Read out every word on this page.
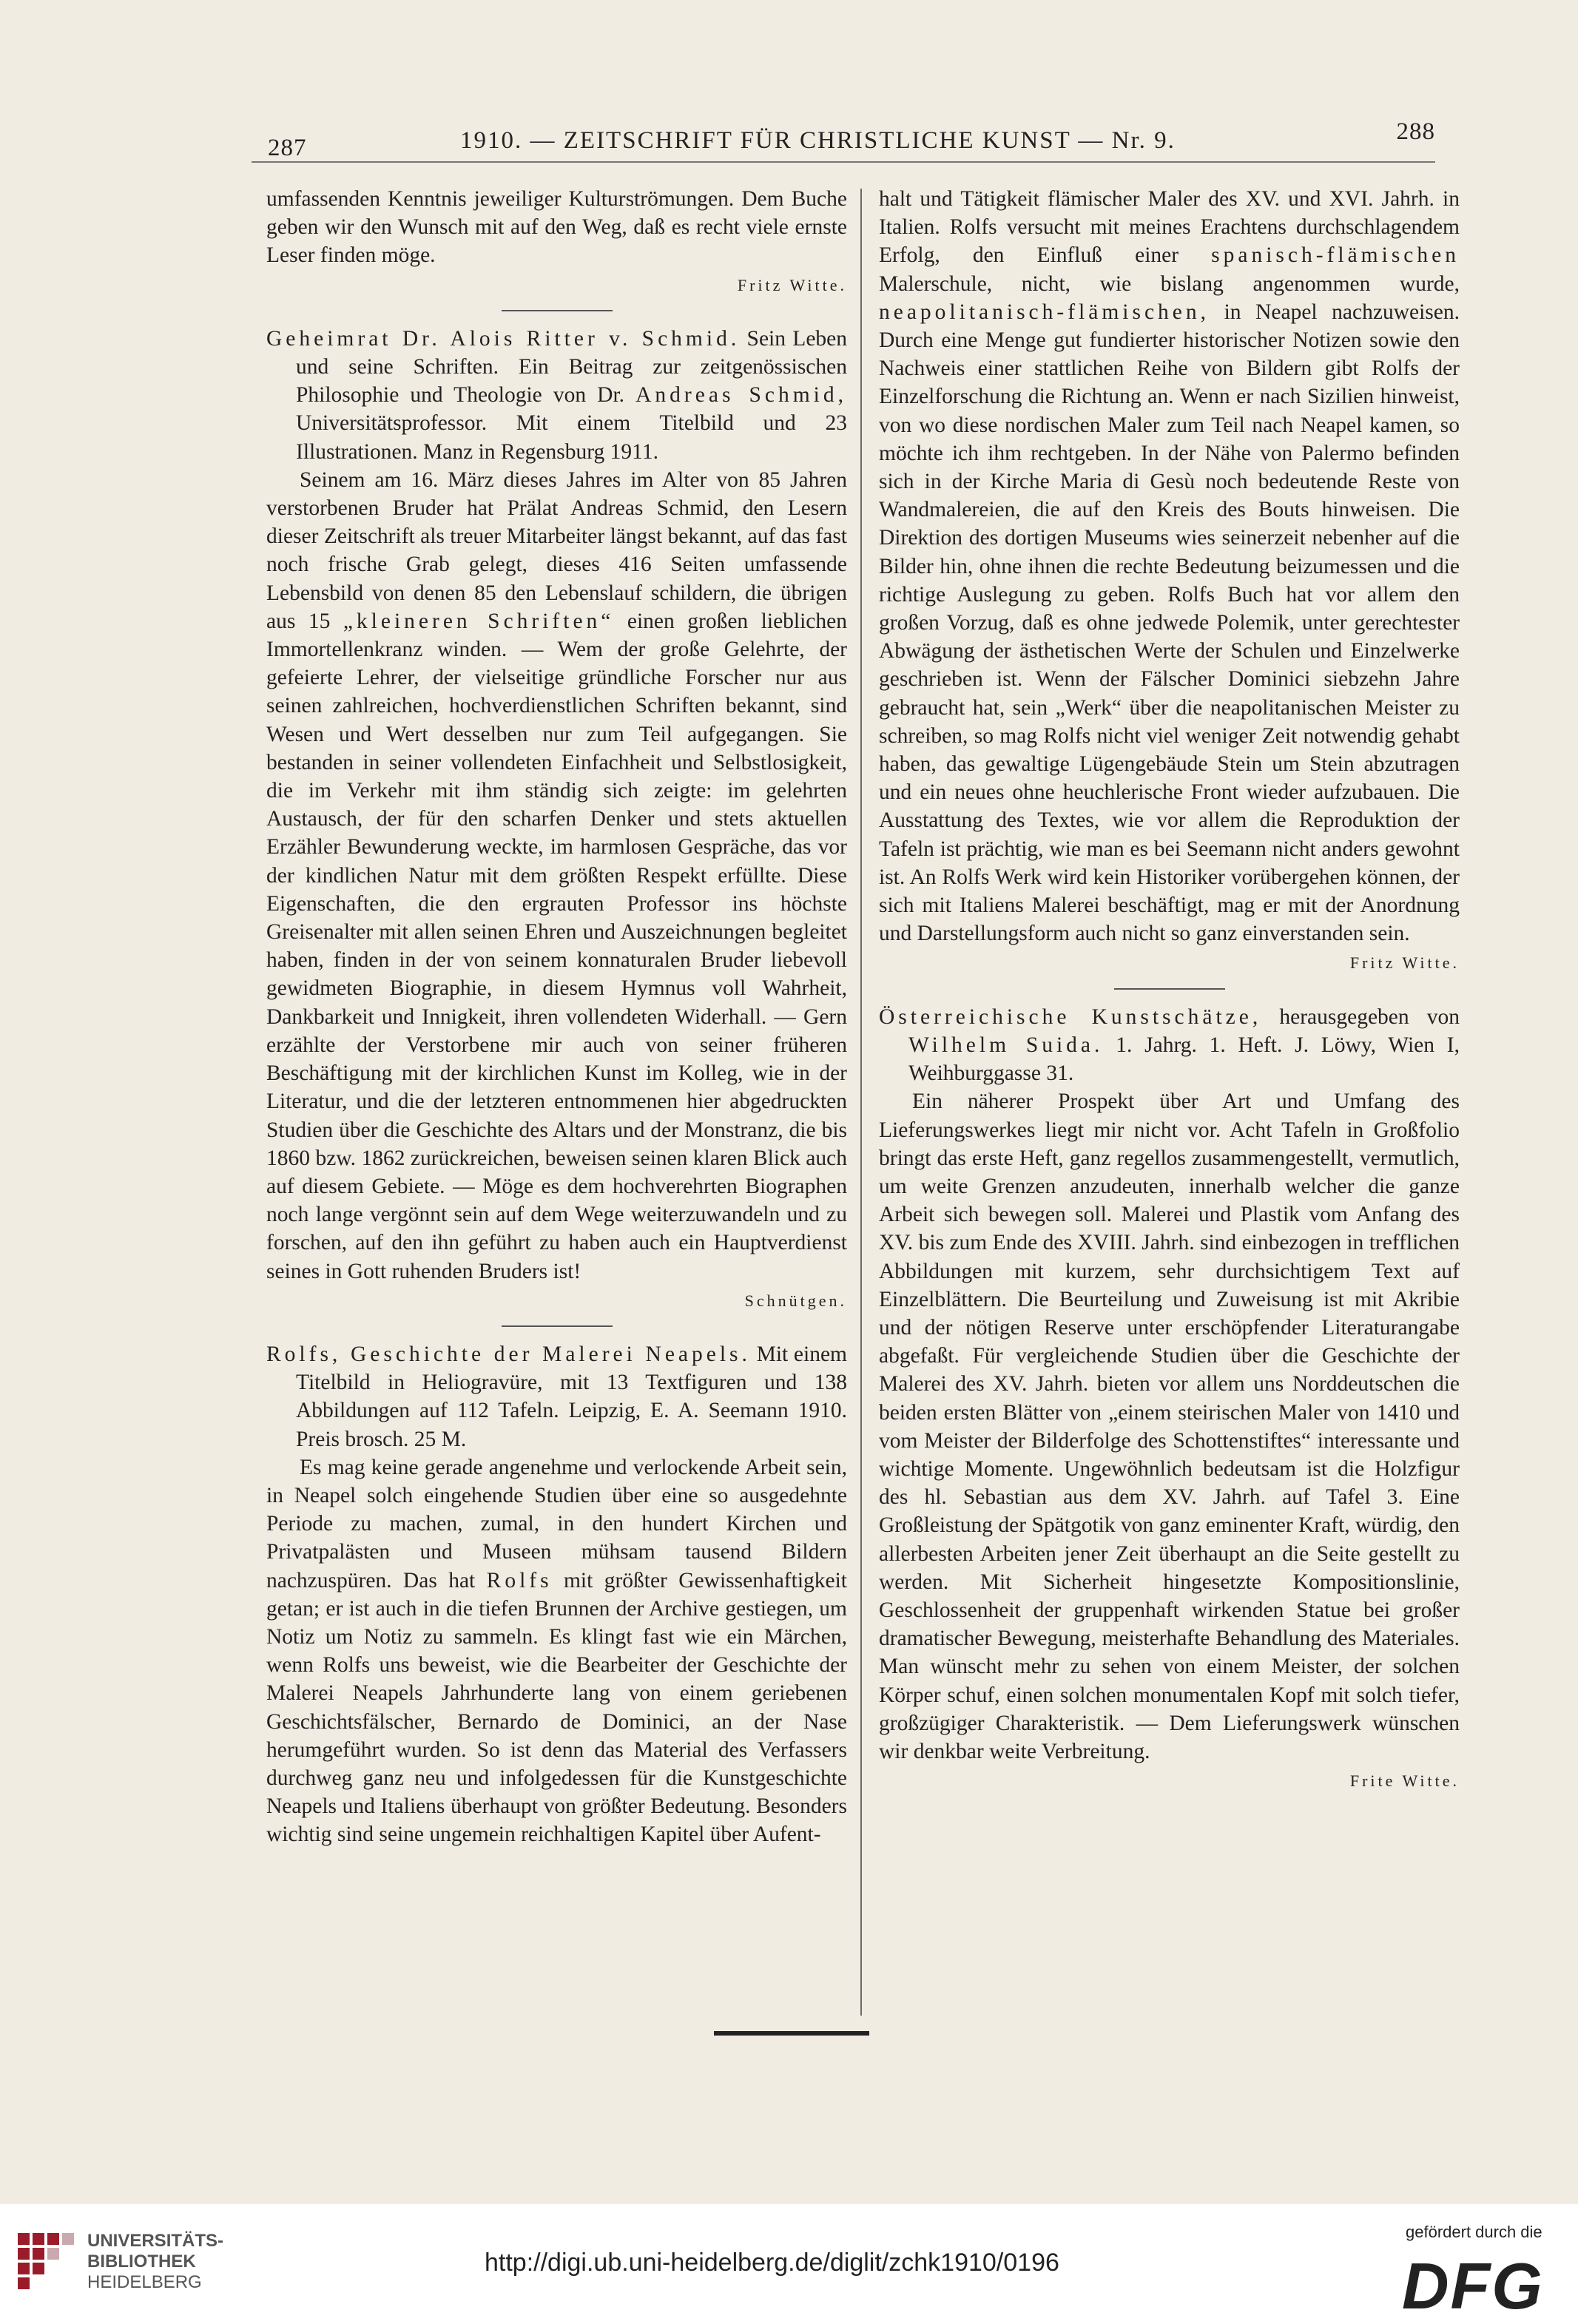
287	1910. — ZEITSCHRIFT FÜR CHRISTLICHE KUNST — Nr. 9.	288

umfassenden Kenntnis jeweiliger Kulturströmungen. Dem Buche geben wir den Wunsch mit auf den Weg, daß es recht viele ernste Leser finden möge.

Fritz Witte.

Geheimrat Dr. Alois Ritter v. Schmid. Sein Leben und seine Schriften. Ein Beitrag zur zeitgenössischen Philosophie und Theologie von Dr. Andreas Schmid, Universitätsprofessor. Mit einem Titelbild und 23 Illustrationen. Manz in Regensburg 1911.

Seinem am 16. März dieses Jahres im Alter von 85 Jahren verstorbenen Bruder hat Prälat Andreas Schmid, den Lesern dieser Zeitschrift als treuer Mitarbeiter längst bekannt, auf das fast noch frische Grab gelegt, dieses 416 Seiten umfassende Lebensbild von denen 85 den Lebenslauf schildern, die übrigen aus 15 „kleineren Schriften“ einen großen lieblichen Immortellenkranz winden. — Wem der große Gelehrte, der gefeierte Lehrer, der vielseitige gründliche Forscher nur aus seinen zahlreichen, hochverdienstlichen Schriften bekannt, sind Wesen und Wert desselben nur zum Teil aufgegangen. Sie bestanden in seiner vollendeten Einfachheit und Selbstlosigkeit, die im Verkehr mit ihm ständig sich zeigte: im gelehrten Austausch, der für den scharfen Denker und stets aktuellen Erzähler Bewunderung weckte, im harmlosen Gespräche, das vor der kindlichen Natur mit dem größten Respekt erfüllte. Diese Eigenschaften, die den ergrauten Professor ins höchste Greisenalter mit allen seinen Ehren und Auszeichnungen begleitet haben, finden in der von seinem konnaturalen Bruder liebevoll gewidmeten Biographie, in diesem Hymnus voll Wahrheit, Dankbarkeit und Innigkeit, ihren vollendeten Widerhall. — Gern erzählte der Verstorbene mir auch von seiner früheren Beschäftigung mit der kirchlichen Kunst im Kolleg, wie in der Literatur, und die der letzteren entnommenen hier abgedruckten Studien über die Geschichte des Altars und der Monstranz, die bis 1860 bzw. 1862 zurückreichen, beweisen seinen klaren Blick auch auf diesem Gebiete. — Möge es dem hochverehrten Biographen noch lange vergönnt sein auf dem Wege weiterzuwandeln und zu forschen, auf den ihn geführt zu haben auch ein Hauptverdienst seines in Gott ruhenden Bruders ist!

Schnütgen.

Rolfs, Geschichte der Malerei Neapels. Mit einem Titelbild in Heliogravüre, mit 13 Textfiguren und 138 Abbildungen auf 112 Tafeln. Leipzig, E. A. Seemann 1910. Preis brosch. 25 M.

Es mag keine gerade angenehme und verlockende Arbeit sein, in Neapel solch eingehende Studien über eine so ausgedehnte Periode zu machen, zumal, in den hundert Kirchen und Privatpalästen und Museen mühsam tausend Bildern nachzuspüren. Das hat Rolfs mit größter Gewissenhaftigkeit getan; er ist auch in die tiefen Brunnen der Archive gestiegen, um Notiz um Notiz zu sammeln. Es klingt fast wie ein Märchen, wenn Rolfs uns beweist, wie die Bearbeiter der Geschichte der Malerei Neapels Jahrhunderte lang von einem geriebenen Geschichtsfälscher, Bernardo de Dominici, an der Nase herumgeführt wurden. So ist denn das Material des Verfassers durchweg ganz neu und infolgedessen für die Kunstgeschichte Neapels und Italiens überhaupt von größter Bedeutung. Besonders wichtig sind seine ungemein reichhaltigen Kapitel über Aufent-

halt und Tätigkeit flämischer Maler des XV. und XVI. Jahrh. in Italien. Rolfs versucht mit meines Erachtens durchschlagendem Erfolg, den Einfluß einer spanisch-flämischen Malerschule, nicht, wie bislang angenommen wurde, neapolitanisch-flämischen, in Neapel nachzuweisen. Durch eine Menge gut fundierter historischer Notizen sowie den Nachweis einer stattlichen Reihe von Bildern gibt Rolfs der Einzelforschung die Richtung an. Wenn er nach Sizilien hinweist, von wo diese nordischen Maler zum Teil nach Neapel kamen, so möchte ich ihm rechtgeben. In der Nähe von Palermo befinden sich in der Kirche Maria di Gesù noch bedeutende Reste von Wandmalereien, die auf den Kreis des Bouts hinweisen. Die Direktion des dortigen Museums wies seinerzeit nebenher auf die Bilder hin, ohne ihnen die rechte Bedeutung beizumessen und die richtige Auslegung zu geben. Rolfs Buch hat vor allem den großen Vorzug, daß es ohne jedwede Polemik, unter gerechtester Abwägung der ästhetischen Werte der Schulen und Einzelwerke geschrieben ist. Wenn der Fälscher Dominici siebzehn Jahre gebraucht hat, sein „Werk“ über die neapolitanischen Meister zu schreiben, so mag Rolfs nicht viel weniger Zeit notwendig gehabt haben, das gewaltige Lügengebäude Stein um Stein abzutragen und ein neues ohne heuchlerische Front wieder aufzubauen. Die Ausstattung des Textes, wie vor allem die Reproduktion der Tafeln ist prächtig, wie man es bei Seemann nicht anders gewohnt ist. An Rolfs Werk wird kein Historiker vorübergehen können, der sich mit Italiens Malerei beschäftigt, mag er mit der Anordnung und Darstellungsform auch nicht so ganz einverstanden sein.

Fritz Witte.

Österreichische Kunstschätze, herausgegeben von Wilhelm Suida. 1. Jahrg. 1. Heft. J. Löwy, Wien I, Weihburggasse 31.

Ein näherer Prospekt über Art und Umfang des Lieferungswerkes liegt mir nicht vor. Acht Tafeln in Großfolio bringt das erste Heft, ganz regellos zusammengestellt, vermutlich, um weite Grenzen anzudeuten, innerhalb welcher die ganze Arbeit sich bewegen soll. Malerei und Plastik vom Anfang des XV. bis zum Ende des XVIII. Jahrh. sind einbezogen in trefflichen Abbildungen mit kurzem, sehr durchsichtigem Text auf Einzelblättern. Die Beurteilung und Zuweisung ist mit Akribie und der nötigen Reserve unter erschöpfender Literaturangabe abgefaßt. Für vergleichende Studien über die Geschichte der Malerei des XV. Jahrh. bieten vor allem uns Norddeutschen die beiden ersten Blätter von „einem steirischen Maler von 1410 und vom Meister der Bilderfolge des Schottenstiftes“ interessante und wichtige Momente. Ungewöhnlich bedeutsam ist die Holzfigur des hl. Sebastian aus dem XV. Jahrh. auf Tafel 3. Eine Großleistung der Spätgotik von ganz eminenter Kraft, würdig, den allerbesten Arbeiten jener Zeit überhaupt an die Seite gestellt zu werden. Mit Sicherheit hingesetzte Kompositionslinie, Geschlossenheit der gruppenhaft wirkenden Statue bei großer dramatischer Bewegung, meisterhafte Behandlung des Materiales. Man wünscht mehr zu sehen von einem Meister, der solchen Körper schuf, einen solchen monumentalen Kopf mit solch tiefer, großzügiger Charakteristik. — Dem Lieferungswerk wünschen wir denkbar weite Verbreitung.

Frite Witte.

UNIVERSITÄTS-
BIBLIOTHEK
HEIDELBERG
http://digi.ub.uni-heidelberg.de/diglit/zchk1910/0196
gefördert durch die
DFG
